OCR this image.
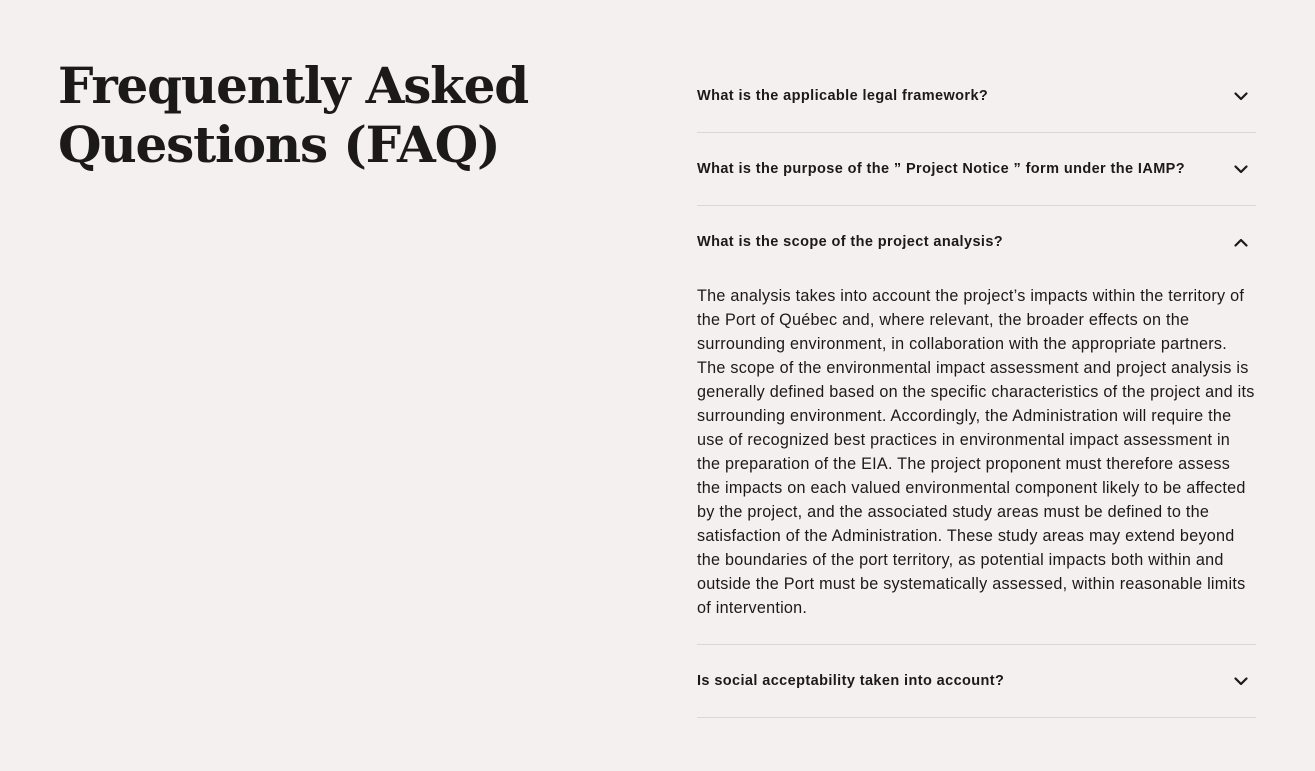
Frequently Asked
Questions (FAQ)
What is the applicable legal framework?
What is the purpose of the ” Project Notice ” form under the IAMP?
What is the scope of the project analysis?

The analysis takes into account the project’s impacts within the territory of the Port of Québec and, where relevant, the broader effects on the surrounding environment, in collaboration with the appropriate partners.

The scope of the environmental impact assessment and project analysis is generally defined based on the specific characteristics of the project and its surrounding environment. Accordingly, the Administration will require the use of recognized best practices in environmental impact assessment in the preparation of the EIA. The project proponent must therefore assess the impacts on each valued environmental component likely to be affected by the project, and the associated study areas must be defined to the satisfaction of the Administration. These study areas may extend beyond the boundaries of the port territory, as potential impacts both within and outside the Port must be systematically assessed, within reasonable limits of intervention.

Is social acceptability taken into account?
